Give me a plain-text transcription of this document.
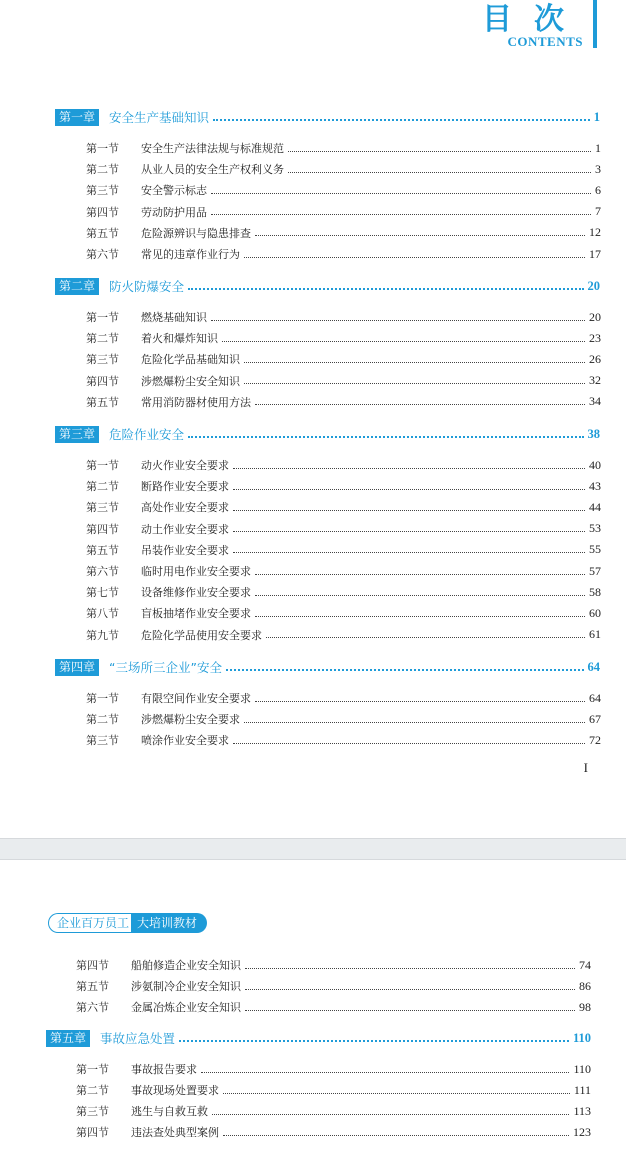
目次
CONTENTS
第一章	安全生产基础知识	1
第一节	安全生产法律法规与标准规范	1
第二节	从业人员的安全生产权利义务	3
第三节	安全警示标志	6
第四节	劳动防护用品	7
第五节	危险源辨识与隐患排查	12
第六节	常见的违章作业行为	17
第二章	防火防爆安全	20
第一节	燃烧基础知识	20
第二节	着火和爆炸知识	23
第三节	危险化学品基础知识	26
第四节	涉燃爆粉尘安全知识	32
第五节	常用消防器材使用方法	34
第三章	危险作业安全	38
第一节	动火作业安全要求	40
第二节	断路作业安全要求	43
第三节	高处作业安全要求	44
第四节	动土作业安全要求	53
第五节	吊装作业安全要求	55
第六节	临时用电作业安全要求	57
第七节	设备维修作业安全要求	58
第八节	盲板抽堵作业安全要求	60
第九节	危险化学品使用安全要求	61
第四章	“三场所三企业”安全	64
第一节	有限空间作业安全要求	64
第二节	涉燃爆粉尘安全要求	67
第三节	喷涂作业安全要求	72
I
企业百万员工 大培训教材
第四节	船舶修造企业安全知识	74
第五节	涉氨制冷企业安全知识	86
第六节	金属冶炼企业安全知识	98
第五章	事故应急处置	110
第一节	事故报告要求	110
第二节	事故现场处置要求	111
第三节	逃生与自救互救	113
第四节	违法查处典型案例	123
